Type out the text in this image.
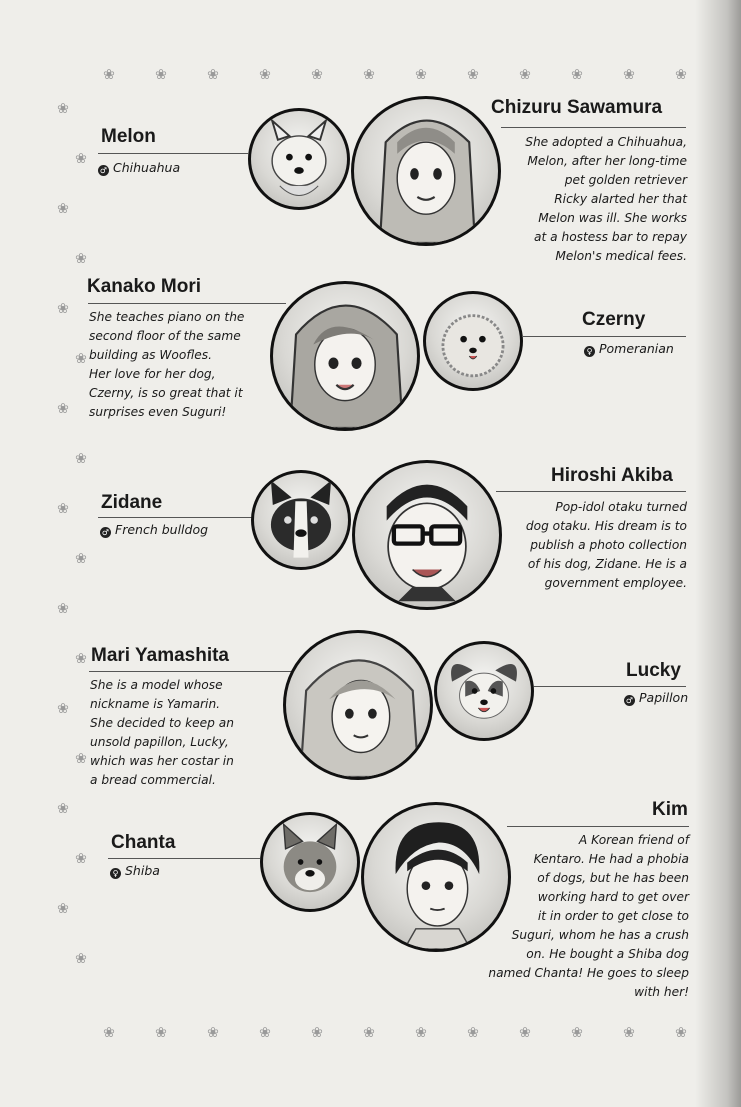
❀	❀	❀	❀	❀	❀	❀	❀	❀	❀	❀	❀
❀
❀
❀
❀
❀
❀
❀
❀
❀
❀
❀
❀
❀
❀
❀
❀
❀
❀
❀	❀	❀	❀	❀	❀	❀	❀	❀	❀	❀	❀
Melon
♂ Chihuahua
Chizuru Sawamura
She adopted a Chihuahua,
Melon, after her long-time
pet golden retriever
Ricky alarted her that
Melon was ill. She works
at a hostess bar to repay
Melon's medical fees.
Kanako Mori
She teaches piano on the
second floor of the same
building as Woofles.
Her love for her dog,
Czerny, is so great that it
surprises even Suguri!
Czerny
♀ Pomeranian
Zidane
♂ French bulldog
Hiroshi Akiba
Pop-idol otaku turned
dog otaku. His dream is to
publish a photo collection
of his dog, Zidane. He is a
government employee.
Mari Yamashita
She is a model whose
nickname is Yamarin.
She decided to keep an
unsold papillon, Lucky,
which was her costar in
a bread commercial.
Lucky
♂ Papillon
Chanta
♀ Shiba
Kim
A Korean friend of
Kentaro. He had a phobia
of dogs, but he has been
working hard to get over
it in order to get close to
Suguri, whom he has a crush
on. He bought a Shiba dog
named Chanta! He goes to sleep
with her!
